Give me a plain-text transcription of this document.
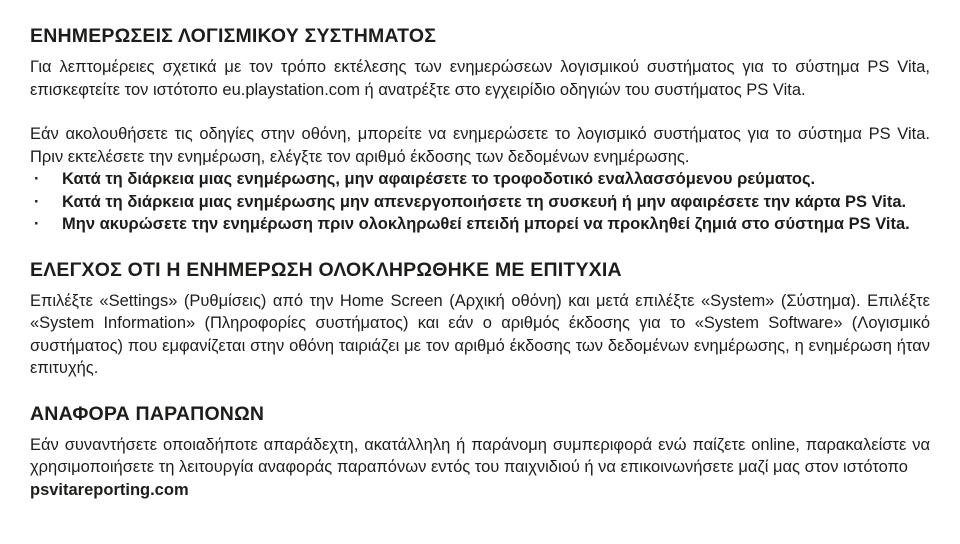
ΕΝΗΜΕΡΩΣΕΙΣ ΛΟΓΙΣΜΙΚΟΥ ΣΥΣΤΗΜΑΤΟΣ

Για λεπτομέρειες σχετικά με τον τρόπο εκτέλεσης των ενημερώσεων λογισμικού συστήματος για το σύστημα PS Vita, επισκεφτείτε τον ιστότοπο eu.playstation.com ή ανατρέξτε στο εγχειρίδιο οδηγιών του συστήματος PS Vita.

Εάν ακολουθήσετε τις οδηγίες στην οθόνη, μπορείτε να ενημερώσετε το λογισμικό συστήματος για το σύστημα PS Vita. Πριν εκτελέσετε την ενημέρωση, ελέγξτε τον αριθμό έκδοσης των δεδομένων ενημέρωσης.

·	Κατά τη διάρκεια μιας ενημέρωσης, μην αφαιρέσετε το τροφοδοτικό εναλλασσόμενου ρεύματος.
·	Κατά τη διάρκεια μιας ενημέρωσης μην απενεργοποιήσετε τη συσκευή ή μην αφαιρέσετε την κάρτα PS Vita.
·	Μην ακυρώσετε την ενημέρωση πριν ολοκληρωθεί επειδή μπορεί να προκληθεί ζημιά στο σύστημα PS Vita.
ΕΛΕΓΧΟΣ ΟΤΙ Η ΕΝΗΜΕΡΩΣΗ ΟΛΟΚΛΗΡΩΘΗΚΕ ΜΕ ΕΠΙΤΥΧΙΑ

Επιλέξτε «Settings» (Ρυθμίσεις) από την Home Screen (Αρχική οθόνη) και μετά επιλέξτε «System» (Σύστημα). Επιλέξτε «System Information» (Πληροφορίες συστήματος) και εάν ο αριθμός έκδοσης για το «System Software» (Λογισμικό συστήματος) που εμφανίζεται στην οθόνη ταιριάζει με τον αριθμό έκδοσης των δεδομένων ενημέρωσης, η ενημέρωση ήταν επιτυχής.

ΑΝΑΦΟΡΑ ΠΑΡΑΠΟΝΩΝ

Εάν συναντήσετε οποιαδήποτε απαράδεχτη, ακατάλληλη ή παράνομη συμπεριφορά ενώ παίζετε online, παρακαλείστε να χρησιμοποιήσετε τη λειτουργία αναφοράς παραπόνων εντός του παιχνιδιού ή να επικοινωνήσετε μαζί μας στον ιστότοπο

psvitareporting.com
